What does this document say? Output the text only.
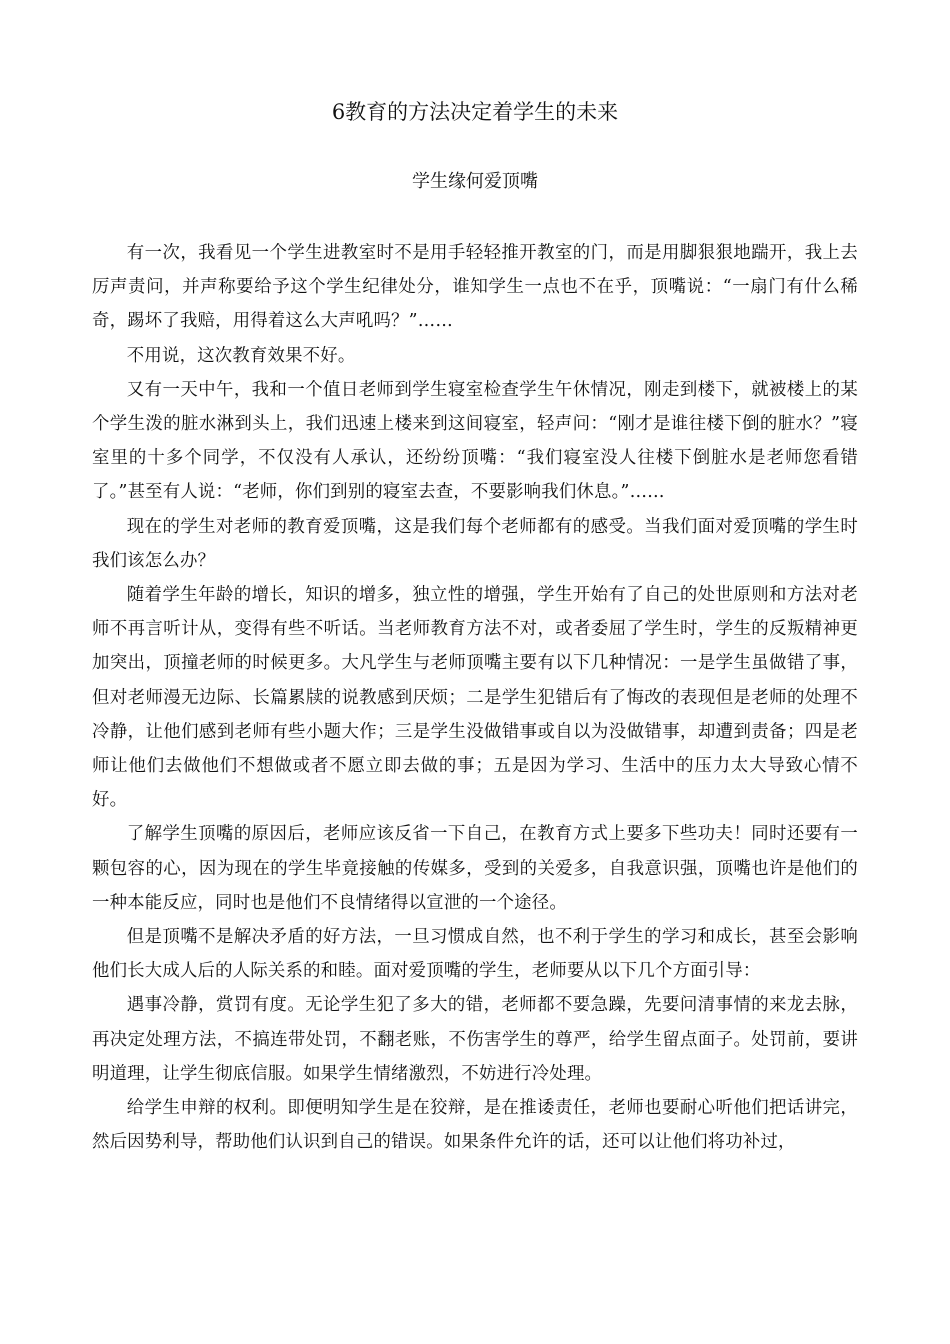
6教育的方法决定着学生的未来
学生缘何爱顶嘴

有一次，我看见一个学生进教室时不是用手轻轻推开教室的门，而是用脚狠狠地踹开，我上去厉声责问，并声称要给予这个学生纪律处分，谁知学生一点也不在乎，顶嘴说：“一扇门有什么稀奇，踢坏了我赔，用得着这么大声吼吗？”……

不用说，这次教育效果不好。

又有一天中午，我和一个值日老师到学生寝室检查学生午休情况，刚走到楼下，就被楼上的某个学生泼的脏水淋到头上，我们迅速上楼来到这间寝室，轻声问：“刚才是谁往楼下倒的脏水？”寝室里的十多个同学，不仅没有人承认，还纷纷顶嘴：“我们寝室没人往楼下倒脏水是老师您看错了。”甚至有人说：“老师，你们到别的寝室去查，不要影响我们休息。”……

现在的学生对老师的教育爱顶嘴，这是我们每个老师都有的感受。当我们面对爱顶嘴的学生时我们该怎么办？

随着学生年龄的增长，知识的增多，独立性的增强，学生开始有了自己的处世原则和方法对老师不再言听计从，变得有些不听话。当老师教育方法不对，或者委屈了学生时，学生的反叛精神更加突出，顶撞老师的时候更多。大凡学生与老师顶嘴主要有以下几种情况：一是学生虽做错了事，但对老师漫无边际、长篇累牍的说教感到厌烦；二是学生犯错后有了悔改的表现但是老师的处理不冷静，让他们感到老师有些小题大作；三是学生没做错事或自以为没做错事，却遭到责备；四是老师让他们去做他们不想做或者不愿立即去做的事；五是因为学习、生活中的压力太大导致心情不好。

了解学生顶嘴的原因后，老师应该反省一下自己，在教育方式上要多下些功夫！同时还要有一颗包容的心，因为现在的学生毕竟接触的传媒多，受到的关爱多，自我意识强，顶嘴也许是他们的一种本能反应，同时也是他们不良情绪得以宣泄的一个途径。

但是顶嘴不是解决矛盾的好方法，一旦习惯成自然，也不利于学生的学习和成长，甚至会影响他们长大成人后的人际关系的和睦。面对爱顶嘴的学生，老师要从以下几个方面引导：

遇事冷静，赏罚有度。无论学生犯了多大的错，老师都不要急躁，先要问清事情的来龙去脉，再决定处理方法，不搞连带处罚，不翻老账，不伤害学生的尊严，给学生留点面子。处罚前，要讲明道理，让学生彻底信服。如果学生情绪激烈，不妨进行冷处理。

给学生申辩的权利。即便明知学生是在狡辩，是在推诿责任，老师也要耐心听他们把话讲完，然后因势利导，帮助他们认识到自己的错误。如果条件允许的话，还可以让他们将功补过，
